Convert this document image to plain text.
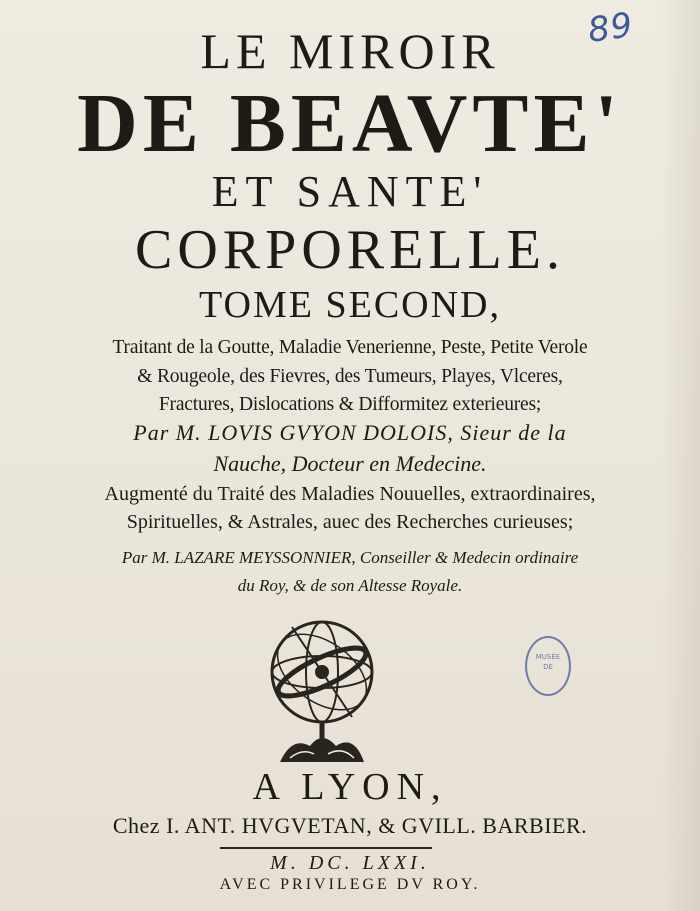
89
LE MIROIR
DE BEAVTE'
ET SANTE'
CORPORELLE.
TOME SECOND,
Traitant de la Goutte, Maladie Venerienne, Peste, Petite Verole
& Rougeole, des Fievres, des Tumeurs, Playes, Vlceres,
Fractures, Dislocations & Difformitez exterieures;
Par M. LOVIS GVYON DOLOIS, Sieur de la
Nauche, Docteur en Medecine.
Augmenté du Traité des Maladies Nouuelles, extraordinaires,
Spirituelles, & Astrales, auec des Recherches curieuses;
Par M. LAZARE MEYSSONNIER, Conseiller & Medecin ordinaire
du Roy, & de son Altesse Royale.
MUSÉE
DE
A LYON,
Chez I. ANT. HVGVETAN, & GVILL. BARBIER.
M. DC. LXXI.
AVEC PRIVILEGE DV ROY.
